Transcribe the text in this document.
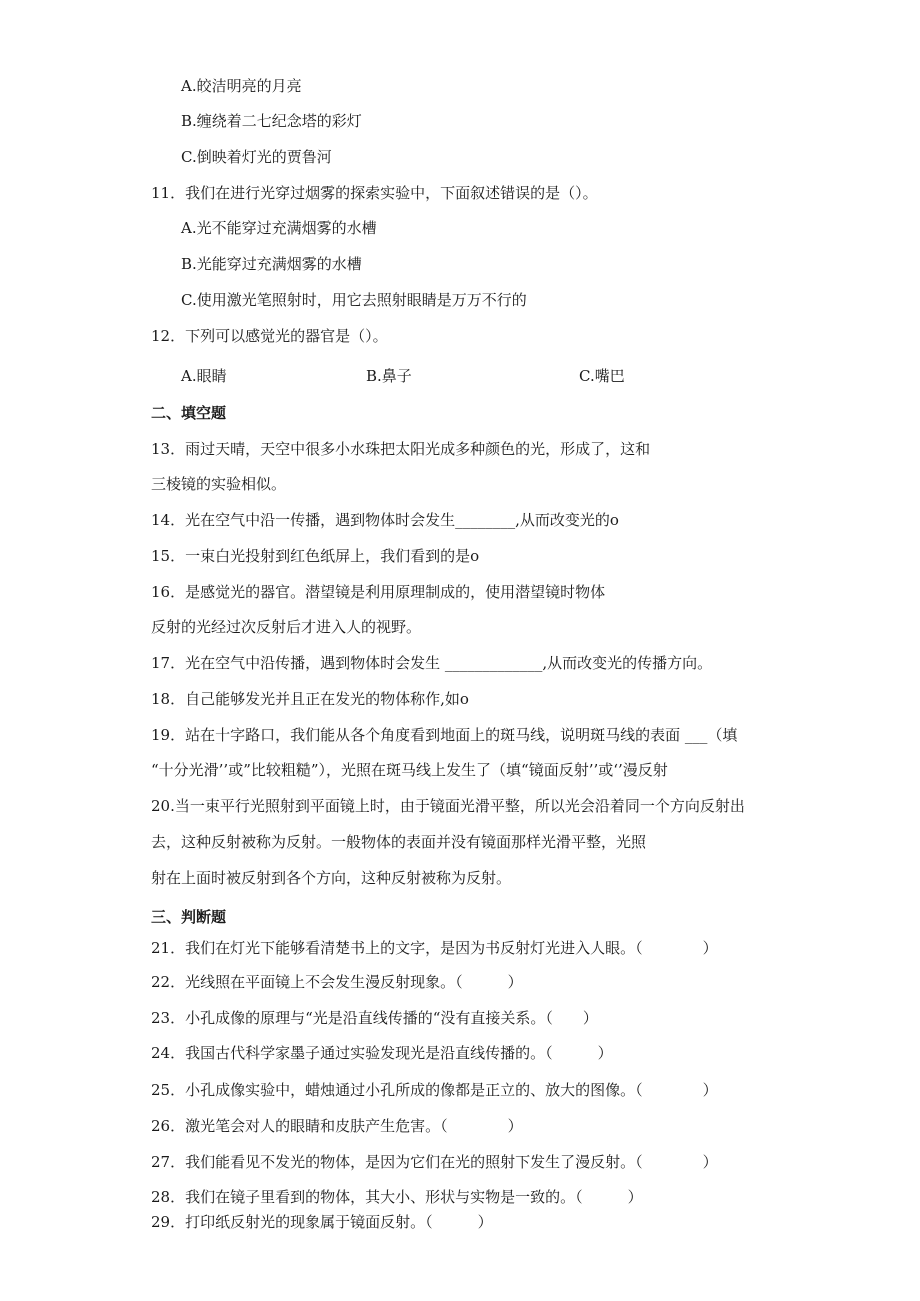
A.皎洁明亮的月亮
B.缠绕着二七纪念塔的彩灯
C.倒映着灯光的贾鲁河
11．我们在进行光穿过烟雾的探索实验中，下面叙述错误的是（）。
A.光不能穿过充满烟雾的水槽
B.光能穿过充满烟雾的水槽
C.使用激光笔照射时，用它去照射眼睛是万万不行的
12．下列可以感觉光的器官是（）。
A.眼睛	B.鼻子	C.嘴巴
二、填空题
13．雨过天晴，天空中很多小水珠把太阳光成多种颜色的光，形成了，这和
三棱镜的实验相似。
14．光在空气中沿一传播，遇到物体时会发生________,从而改变光的o
15．一束白光投射到红色纸屏上，我们看到的是o
16．是感觉光的器官。潜望镜是利用原理制成的，使用潜望镜时物体
反射的光经过次反射后才进入人的视野。
17．光在空气中沿传播，遇到物体时会发生 _____________,从而改变光的传播方向。
18．自己能够发光并且正在发光的物体称作,如o
19．站在十字路口，我们能从各个角度看到地面上的斑马线，说明斑马线的表面 ___（填
“十分光滑’’或”比较粗糙”），光照在斑马线上发生了（填“镜面反射’’或‘’漫反射
20.当一束平行光照射到平面镜上时，由于镜面光滑平整，所以光会沿着同一个方向反射出
去，这种反射被称为反射。一般物体的表面并没有镜面那样光滑平整，光照
射在上面时被反射到各个方向，这种反射被称为反射。
三、判断题
21．我们在灯光下能够看清楚书上的文字，是因为书反射灯光进入人眼。（　　　　）
22．光线照在平面镜上不会发生漫反射现象。（　　　）
23．小孔成像的原理与“光是沿直线传播的“没有直接关系。（　　）
24．我国古代科学家墨子通过实验发现光是沿直线传播的。（　　　）
25．小孔成像实验中，蜡烛通过小孔所成的像都是正立的、放大的图像。（　　　　）
26．激光笔会对人的眼睛和皮肤产生危害。（　　　　）
27．我们能看见不发光的物体，是因为它们在光的照射下发生了漫反射。（　　　　）
28．我们在镜子里看到的物体，其大小、形状与实物是一致的。（　　　）
29．打印纸反射光的现象属于镜面反射。（　　　）
